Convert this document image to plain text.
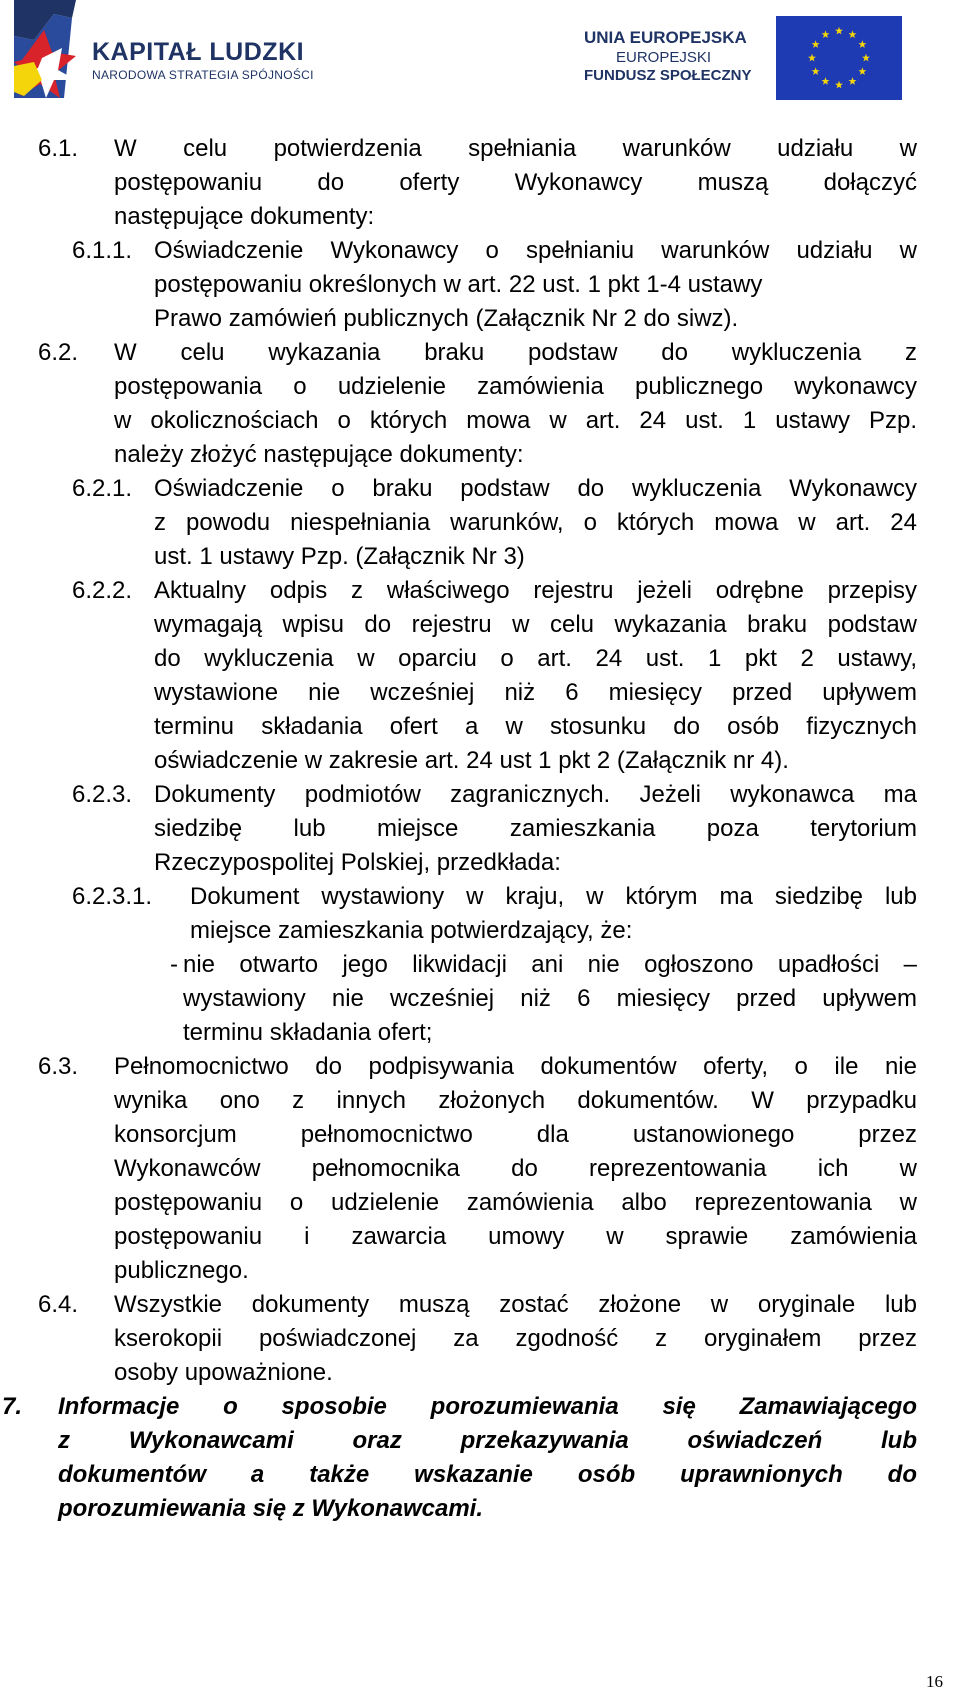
KAPITAŁ LUDZKI
NARODOWA STRATEGIA SPÓJNOŚCI
UNIA EUROPEJSKA
EUROPEJSKI
FUNDUSZ SPOŁECZNY
6.1. W celu potwierdzenia spełniania warunków udziału w
postępowaniu do oferty Wykonawcy muszą dołączyć
następujące dokumenty:
6.1.1. Oświadczenie Wykonawcy o spełnianiu warunków udziału w
postępowaniu określonych w art. 22 ust. 1 pkt 1-4 ustawy
Prawo zamówień publicznych (Załącznik Nr 2 do siwz).
6.2. W celu wykazania braku podstaw do wykluczenia z
postępowania o udzielenie zamówienia publicznego wykonawcy
w okolicznościach o których mowa w art. 24 ust. 1 ustawy Pzp.
należy złożyć następujące dokumenty:
6.2.1. Oświadczenie o braku podstaw do wykluczenia Wykonawcy
z powodu niespełniania warunków, o których mowa w art. 24
ust. 1 ustawy Pzp. (Załącznik Nr 3)
6.2.2. Aktualny odpis z właściwego rejestru jeżeli odrębne przepisy
wymagają wpisu do rejestru w celu wykazania braku podstaw
do wykluczenia w oparciu o art. 24 ust. 1 pkt 2 ustawy,
wystawione nie wcześniej niż 6 miesięcy przed upływem
terminu składania ofert a w stosunku do osób fizycznych
oświadczenie w zakresie art. 24 ust 1 pkt 2 (Załącznik nr 4).
6.2.3. Dokumenty podmiotów zagranicznych. Jeżeli wykonawca ma
siedzibę lub miejsce zamieszkania poza terytorium
Rzeczypospolitej Polskiej, przedkłada:
6.2.3.1. Dokument wystawiony w kraju, w którym ma siedzibę lub
miejsce zamieszkania potwierdzający, że:
- nie otwarto jego likwidacji ani nie ogłoszono upadłości –
wystawiony nie wcześniej niż 6 miesięcy przed upływem
terminu składania ofert;
6.3. Pełnomocnictwo do podpisywania dokumentów oferty, o ile nie
wynika ono z innych złożonych dokumentów. W przypadku
konsorcjum pełnomocnictwo dla ustanowionego przez
Wykonawców pełnomocnika do reprezentowania ich w
postępowaniu o udzielenie zamówienia albo reprezentowania w
postępowaniu i zawarcia umowy w sprawie zamówienia
publicznego.
6.4. Wszystkie dokumenty muszą zostać złożone w oryginale lub
kserokopii poświadczonej za zgodność z oryginałem przez
osoby upoważnione.
7. Informacje o sposobie porozumiewania się Zamawiającego
z Wykonawcami oraz przekazywania oświadczeń lub
dokumentów a także wskazanie osób uprawnionych do
porozumiewania się z Wykonawcami.
16
